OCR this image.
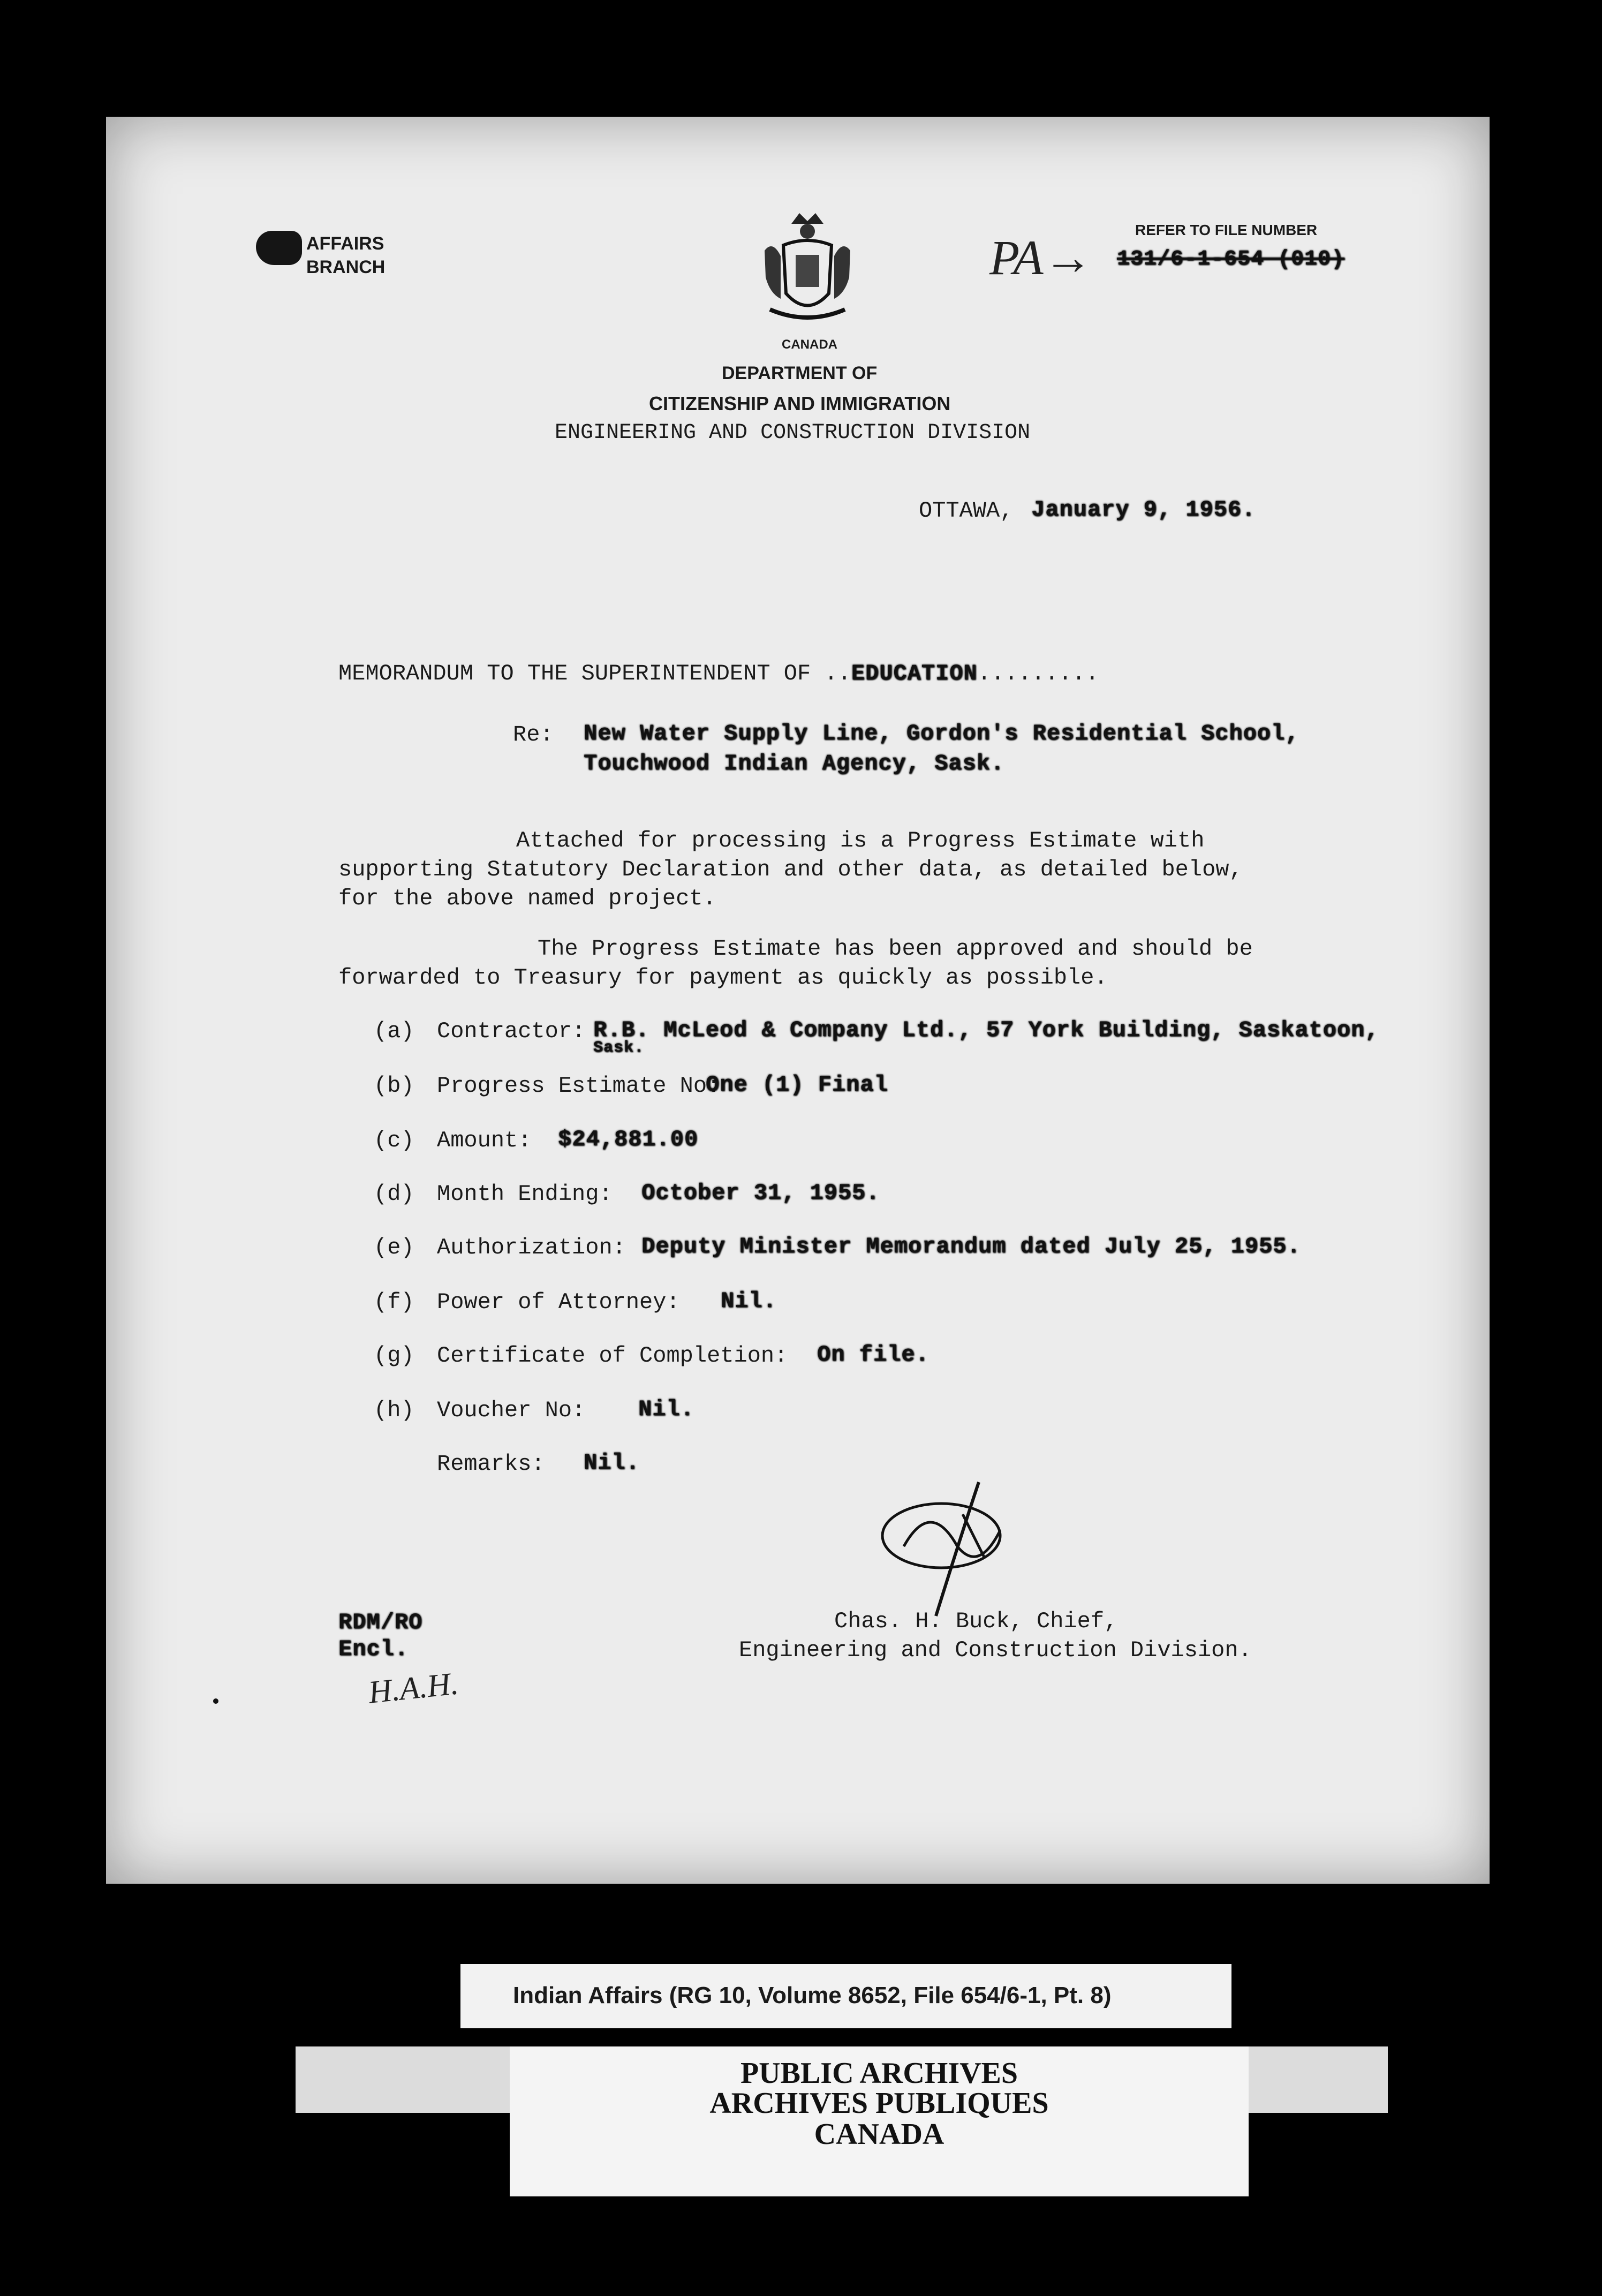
AFFAIRS
BRANCH
CANADA
DEPARTMENT OF
CITIZENSHIP AND IMMIGRATION
ENGINEERING AND CONSTRUCTION DIVISION
REFER TO FILE NUMBER
131/6-1-654 (010)
PA→
OTTAWA, January 9, 1956.
MEMORANDUM TO THE SUPERINTENDENT OF ..EDUCATION.........
Re: New Water Supply Line, Gordon's Residential School,
Touchwood Indian Agency, Sask.
Attached for processing is a Progress Estimate with
supporting Statutory Declaration and other data, as detailed below,
for the above named project.
The Progress Estimate has been approved and should be
forwarded to Treasury for payment as quickly as possible.
(a) Contractor: R.B. McLeod & Company Ltd., 57 York Building, Saskatoon,
Sask.
(b) Progress Estimate No:
One (1) Final
(c) Amount: $24,881.00
(d) Month Ending: October 31, 1955.
(e) Authorization: Deputy Minister Memorandum dated July 25, 1955.
(f) Power of Attorney: Nil.
(g) Certificate of Completion: On file.
(h) Voucher No: Nil.
Remarks: Nil.
Chas. H. Buck, Chief,
Engineering and Construction Division.
RDM/RO
Encl.
H.A.H.
Indian Affairs (RG 10, Volume 8652, File 654/6-1, Pt. 8)
PUBLIC ARCHIVES
ARCHIVES PUBLIQUES
CANADA
